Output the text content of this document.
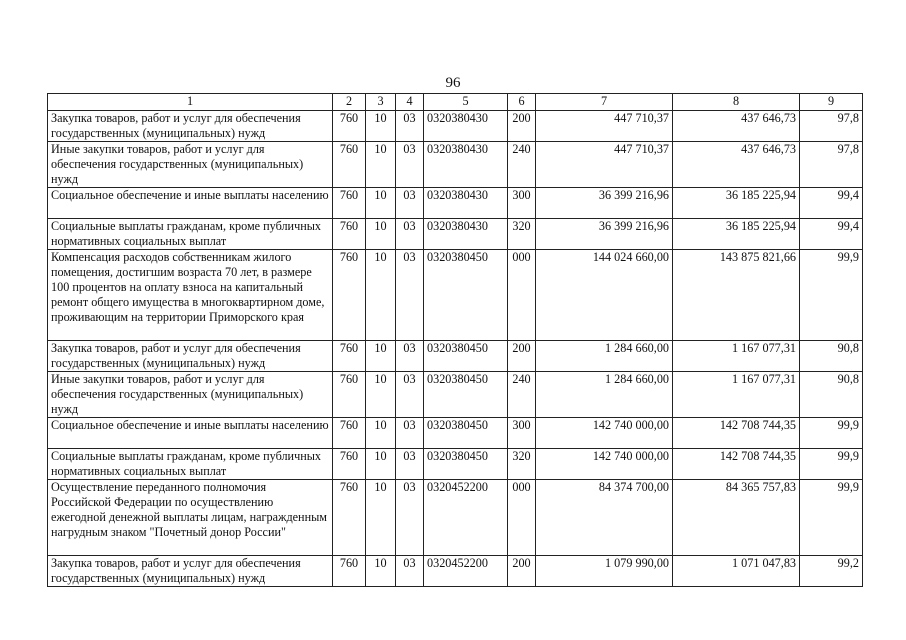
96
1	2	3	4	5	6	7	8	9
Закупка товаров, работ и услуг для обеспечения государственных (муниципальных) нужд	760	10	03	0320380430	200	447 710,37	437 646,73	97,8
Иные закупки товаров, работ и услуг для обеспечения государственных (муниципальных) нужд	760	10	03	0320380430	240	447 710,37	437 646,73	97,8
Социальное обеспечение и иные выплаты населению	760	10	03	0320380430	300	36 399 216,96	36 185 225,94	99,4
Социальные выплаты гражданам, кроме публичных нормативных социальных выплат	760	10	03	0320380430	320	36 399 216,96	36 185 225,94	99,4
Компенсация расходов собственникам жилого помещения, достигшим возраста 70 лет, в размере 100 процентов на оплату взноса на капитальный ремонт общего имущества в многоквартирном доме, проживающим на территории Приморского края	760	10	03	0320380450	000	144 024 660,00	143 875 821,66	99,9
Закупка товаров, работ и услуг для обеспечения государственных (муниципальных) нужд	760	10	03	0320380450	200	1 284 660,00	1 167 077,31	90,8
Иные закупки товаров, работ и услуг для обеспечения государственных (муниципальных) нужд	760	10	03	0320380450	240	1 284 660,00	1 167 077,31	90,8
Социальное обеспечение и иные выплаты населению	760	10	03	0320380450	300	142 740 000,00	142 708 744,35	99,9
Социальные выплаты гражданам, кроме публичных нормативных социальных выплат	760	10	03	0320380450	320	142 740 000,00	142 708 744,35	99,9
Осуществление переданного полномочия Российской Федерации по осуществлению ежегодной денежной выплаты лицам, награжденным нагрудным знаком "Почетный донор России"	760	10	03	0320452200	000	84 374 700,00	84 365 757,83	99,9
Закупка товаров, работ и услуг для обеспечения государственных (муниципальных) нужд	760	10	03	0320452200	200	1 079 990,00	1 071 047,83	99,2
